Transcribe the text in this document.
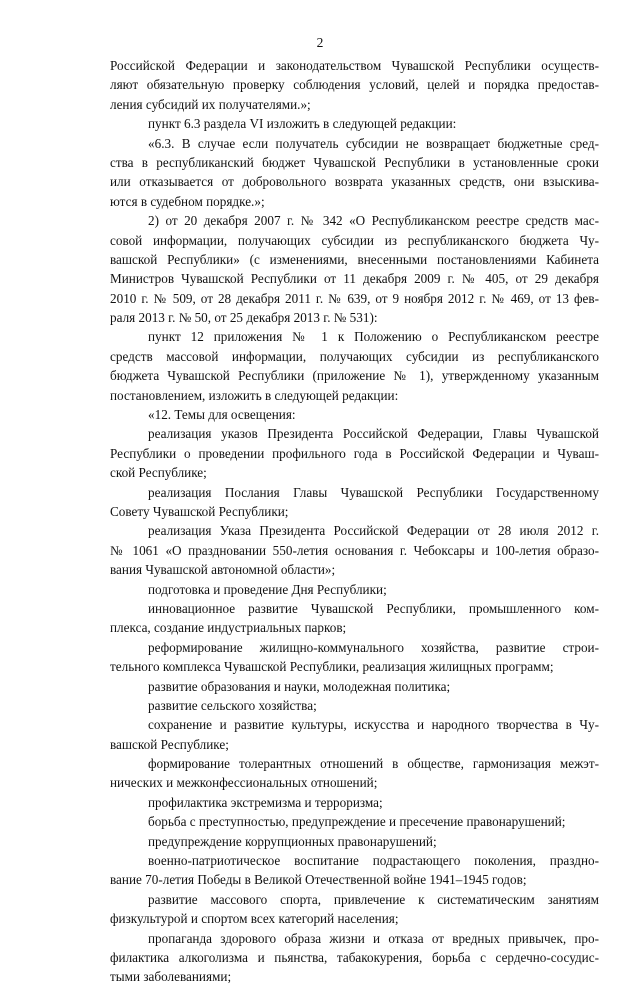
2
Российской Федерации и законодательством Чувашской Республики осуществ-
ляют обязательную проверку соблюдения условий, целей и порядка предостав-
ления субсидий их получателями.»;
пункт 6.3 раздела VI изложить в следующей редакции:
«6.3. В случае если получатель субсидии не возвращает бюджетные сред-
ства в республиканский бюджет Чувашской Республики в установленные сроки
или отказывается от добровольного возврата указанных средств, они взыскива-
ются в судебном порядке.»;
2) от 20 декабря 2007 г. № 342 «О Республиканском реестре средств мас-
совой информации, получающих субсидии из республиканского бюджета Чу-
вашской Республики» (с изменениями, внесенными постановлениями Кабинета
Министров Чувашской Республики от 11 декабря 2009 г. № 405, от 29 декабря
2010 г. № 509, от 28 декабря 2011 г. № 639, от 9 ноября 2012 г. № 469, от 13 фев-
раля 2013 г. № 50, от 25 декабря 2013 г. № 531):
пункт 12 приложения № 1 к Положению о Республиканском реестре
средств массовой информации, получающих субсидии из республиканского
бюджета Чувашской Республики (приложение № 1), утвержденному указанным
постановлением, изложить в следующей редакции:
«12. Темы для освещения:
реализация указов Президента Российской Федерации, Главы Чувашской
Республики о проведении профильного года в Российской Федерации и Чуваш-
ской Республике;
реализация Послания Главы Чувашской Республики Государственному
Совету Чувашской Республики;
реализация Указа Президента Российской Федерации от 28 июля 2012 г.
№ 1061 «О праздновании 550-летия основания г. Чебоксары и 100-летия образо-
вания Чувашской автономной области»;
подготовка и проведение Дня Республики;
инновационное развитие Чувашской Республики, промышленного ком-
плекса, создание индустриальных парков;
реформирование жилищно-коммунального хозяйства, развитие строи-
тельного комплекса Чувашской Республики, реализация жилищных программ;
развитие образования и науки, молодежная политика;
развитие сельского хозяйства;
сохранение и развитие культуры, искусства и народного творчества в Чу-
вашской Республике;
формирование толерантных отношений в обществе, гармонизация межэт-
нических и межконфессиональных отношений;
профилактика экстремизма и терроризма;
борьба с преступностью, предупреждение и пресечение правонарушений;
предупреждение коррупционных правонарушений;
военно-патриотическое воспитание подрастающего поколения, праздно-
вание 70-летия Победы в Великой Отечественной войне 1941–1945 годов;
развитие массового спорта, привлечение к систематическим занятиям
физкультурой и спортом всех категорий населения;
пропаганда здорового образа жизни и отказа от вредных привычек, про-
филактика алкоголизма и пьянства, табакокурения, борьба с сердечно-сосудис-
тыми заболеваниями;
